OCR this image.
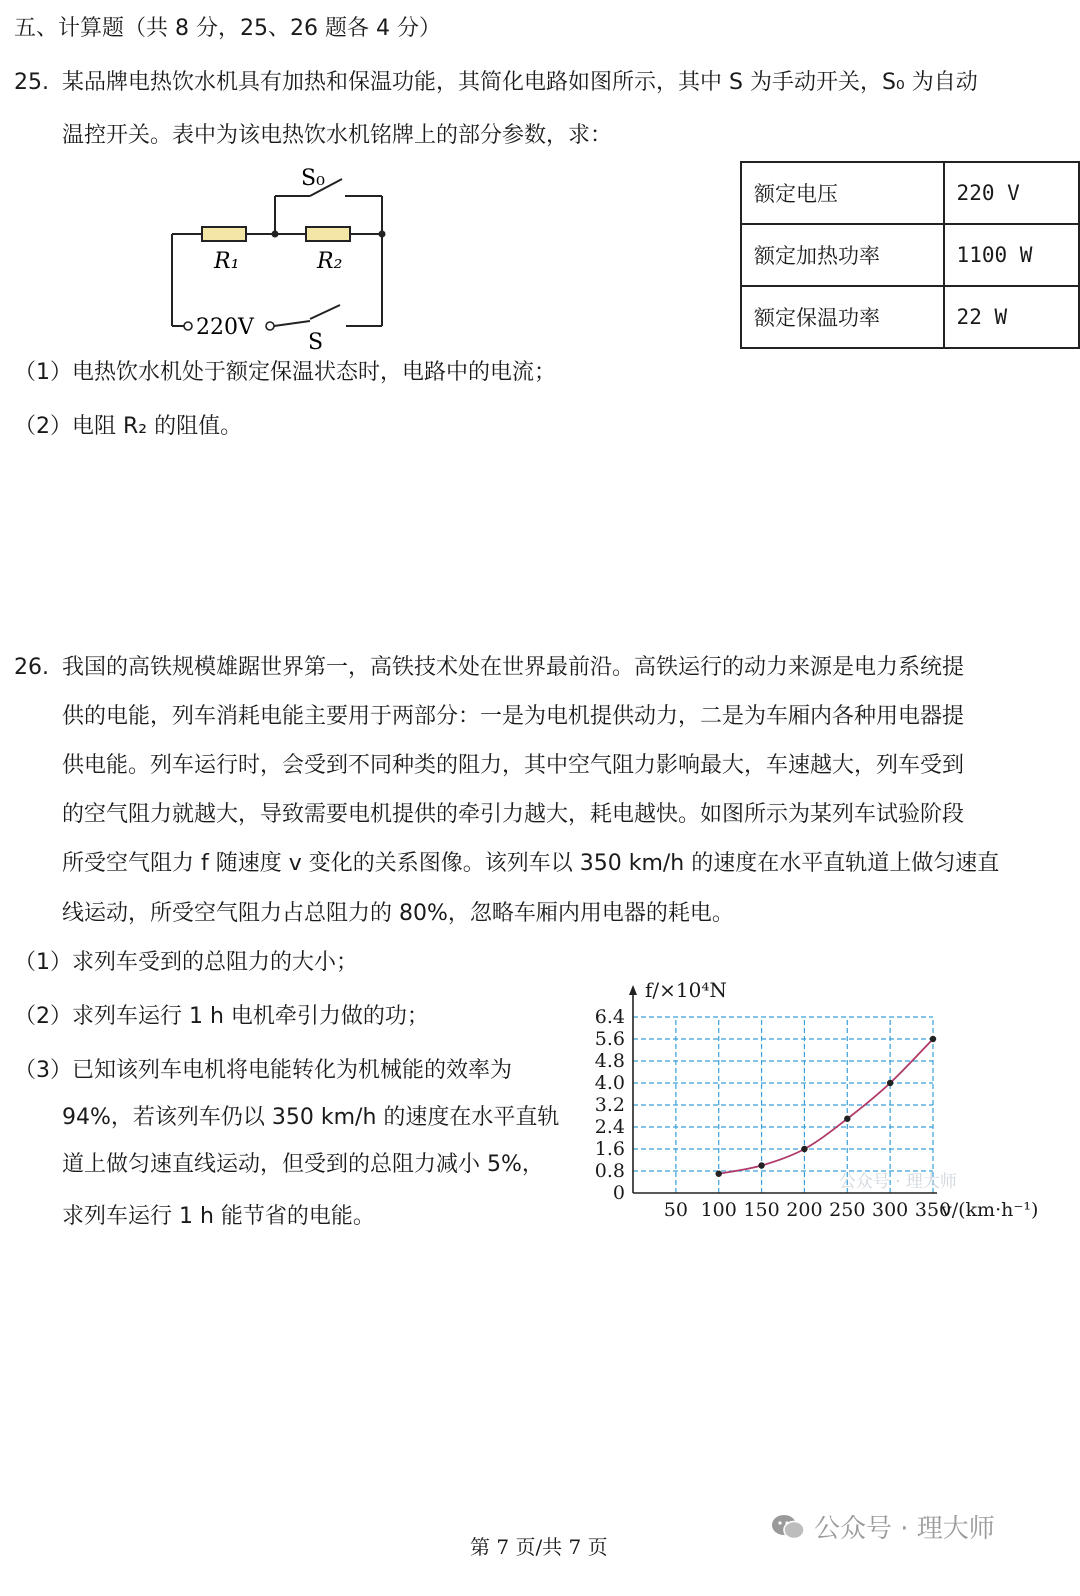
五、计算题（共 8 分，25、26 题各 4 分）
25. 某品牌电热饮水机具有加热和保温功能，其简化电路如图所示，其中 S 为手动开关，S₀ 为自动
温控开关。表中为该电热饮水机铭牌上的部分参数，求：
S₀
R₁	R₂
220V
S
额定电压	220 V
额定加热功率	1100 W
额定保温功率	22 W
（1）电热饮水机处于额定保温状态时，电路中的电流；
（2）电阻 R₂ 的阻值。
26. 我国的高铁规模雄踞世界第一，高铁技术处在世界最前沿。高铁运行的动力来源是电力系统提
供的电能，列车消耗电能主要用于两部分：一是为电机提供动力，二是为车厢内各种用电器提
供电能。列车运行时，会受到不同种类的阻力，其中空气阻力影响最大，车速越大，列车受到
的空气阻力就越大，导致需要电机提供的牵引力越大，耗电越快。如图所示为某列车试验阶段
所受空气阻力 f 随速度 v 变化的关系图像。该列车以 350 km/h 的速度在水平直轨道上做匀速直
线运动，所受空气阻力占总阻力的 80%，忽略车厢内用电器的耗电。
（1）求列车受到的总阻力的大小；
（2）求列车运行 1 h 电机牵引力做的功；
（3）已知该列车电机将电能转化为机械能的效率为
94%，若该列车仍以 350 km/h 的速度在水平直轨
道上做匀速直线运动，但受到的总阻力减小 5%，
求列车运行 1 h 能节省的电能。	50 100 150 200 250 300 350
0
0.8
1.6
2.4
3.2
4.0
4.8
5.6
6.4
f/×10⁴N
v/(km·h⁻¹)
公众号 · 理大师
第 7 页/共 7 页
公众号 · 理大师
